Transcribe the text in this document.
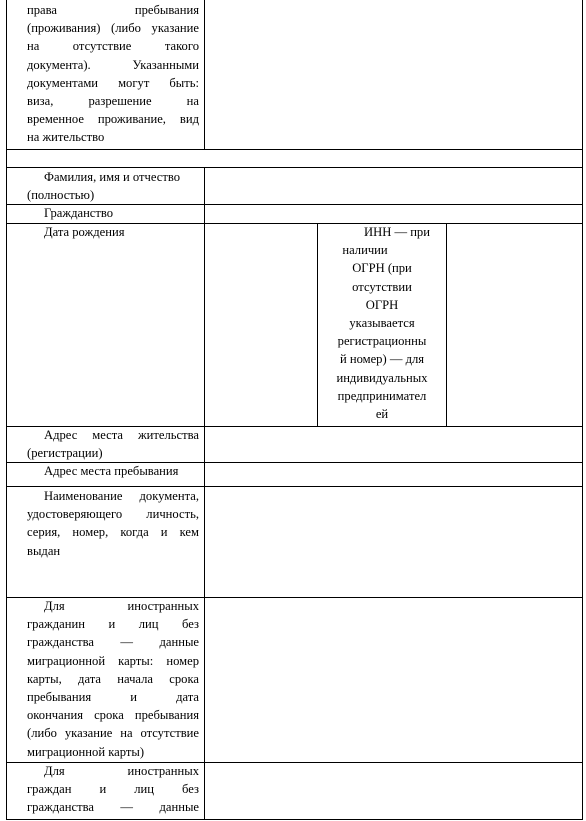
права пребывания
(проживания) (либо указание
на отсутствие такого
документа). Указанными
документами могут быть:
виза, разрешение на
временное проживание, вид
на жительство
Фамилия, имя и отчество
(полностью)
Гражданство
Дата рождения	ИНН — при
наличии
ОГРН (при
отсутствии
ОГРН
указывается
регистрационны
й номер) — для
индивидуальных
предпринимател
ей
Адрес места жительства
(регистрации)
Адрес места пребывания
Наименование документа,
удостоверяющего личность,
серия, номер, когда и кем
выдан
Для иностранных
гражданин и лиц без
гражданства — данные
миграционной карты: номер
карты, дата начала срока
пребывания и дата
окончания срока пребывания
(либо указание на отсутствие
миграционной карты)
Для иностранных
граждан и лиц без
гражданства — данные
